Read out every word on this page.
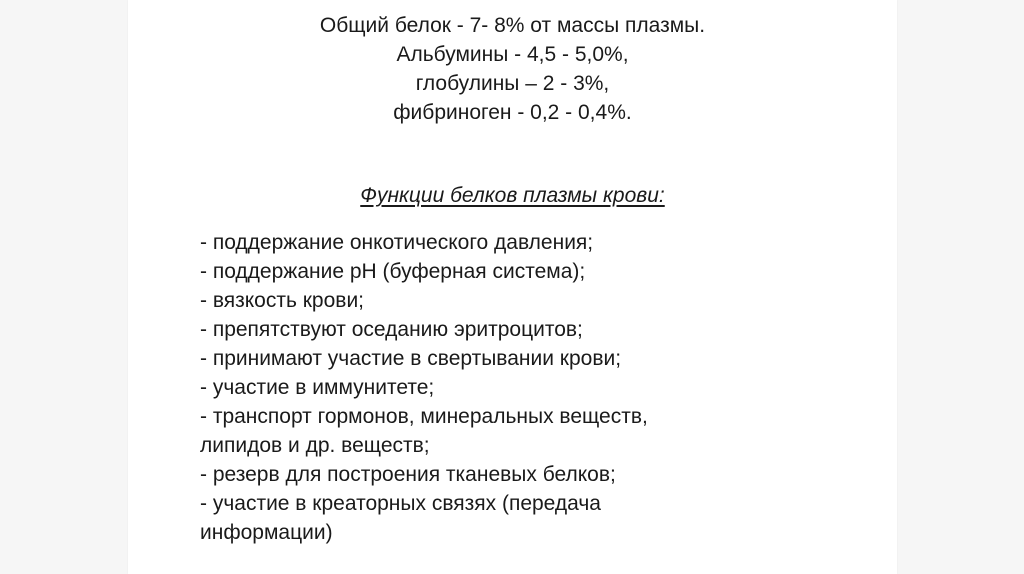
Общий белок - 7- 8% от массы плазмы.
Альбумины - 4,5 - 5,0%,
глобулины – 2 - 3%,
фибриноген - 0,2 - 0,4%.
Функции белков плазмы крови:
- поддержание онкотического давления;
- поддержание pH (буферная система);
- вязкость крови;
- препятствуют оседанию эритроцитов;
- принимают участие в свертывании крови;
- участие в иммунитете;
- транспорт гормонов, минеральных веществ,
липидов и др. веществ;
- резерв для построения тканевых белков;
- участие в креаторных связях (передача
информации)
